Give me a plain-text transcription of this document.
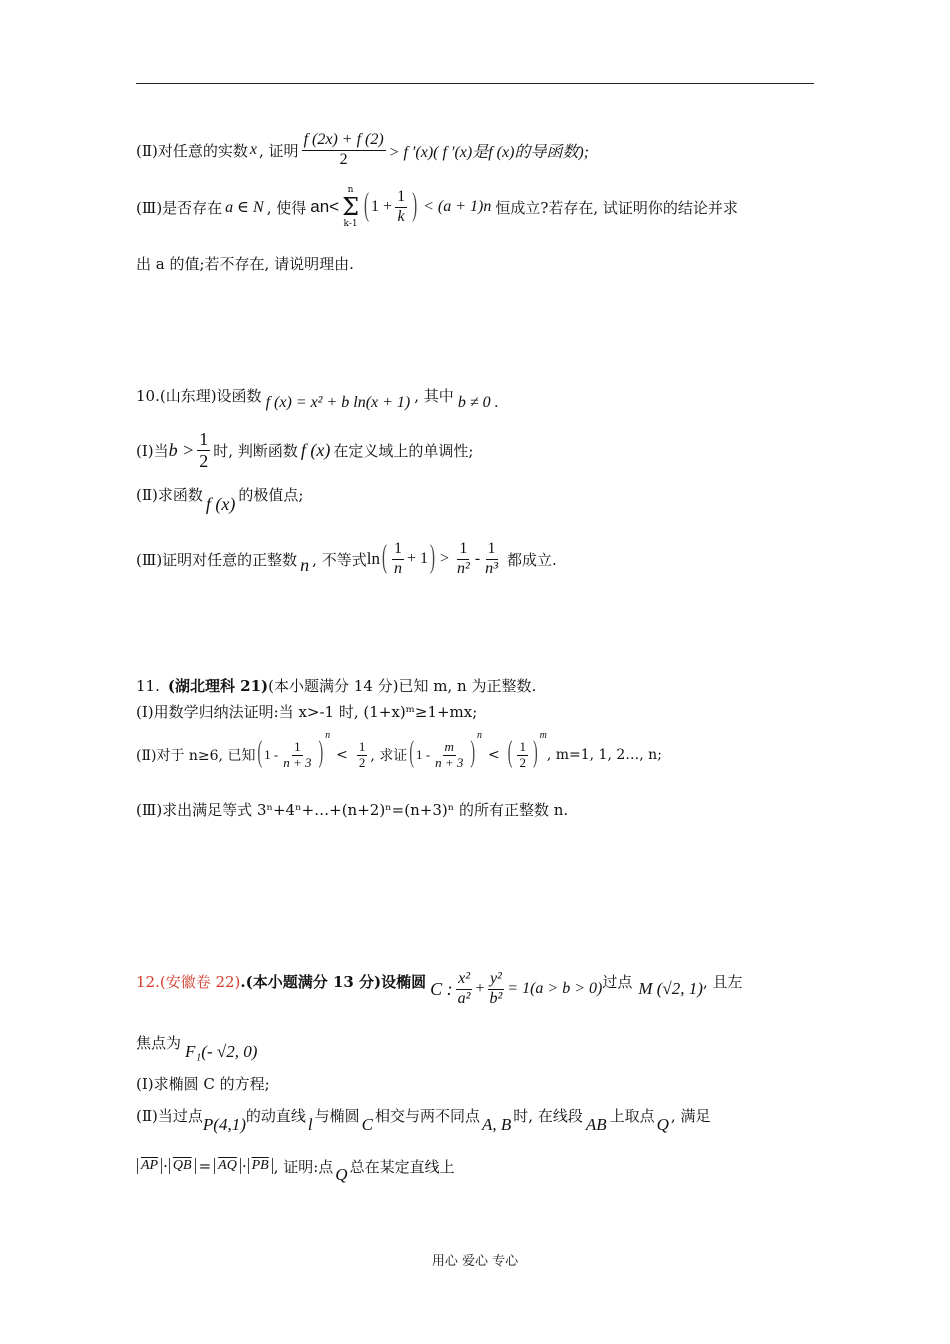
(Ⅱ)对任意的实数 x , 证明 $\frac{f (2x) + f (2)}{2} > f$ ′(x)( f ′(x)是f (x)的导函数);
(Ⅲ)是否存在 a ∈ N , 使得 an<
n
Σ
k-1
( $1 + \frac{1}{k}$ ) < (a + 1)n 恒成立?若存在, 试证明你的结论并求
出 a 的值;若不存在, 请说明理由.
10.(山东理)设函数 f (x) = x² + b ln(x + 1) , 其中 b ≠ 0 .
(Ⅰ)当 $b > \frac{1}{2}$ 时, 判断函数 f (x) 在定义域上的单调性;
(Ⅱ)求函数 f (x) 的极值点;
(Ⅲ)证明对任意的正整数 n , 不等式 ln ( $\frac{1}{n} + 1$ ) > $\frac{1}{\text{n²}} - \frac{1}{\text{n³}}$ 都成立.
11. (湖北理科 21) (本小题满分 14 分)已知 m, n 为正整数.
(Ⅰ)用数学归纳法证明:当 x>-1 时, (1+x)ᵐ≥1+mx;
(Ⅱ)对于 n≥6, 已知 ( $1 - \frac{1}{n + 3}$ )
n
< $\frac{1}{2}$ , 求证 ( $1 - \frac{m}{n + 3}$ )
n
< ( $\frac{1}{2}$ )
m
, m=1, 1, 2…, n;
(Ⅲ)求出满足等式 3ⁿ+4ⁿ+…+(n+2)ⁿ=(n+3)ⁿ 的所有正整数 n.
12.(安徽卷 22) .(本小题满分 13 分)设椭圆 C : $\frac{\text{x²}}{\text{a²}} + \frac{\text{y²}}{\text{b²}} = 1(a > b > 0)$ 过点 M (√2, 1) , 且左
焦点为 F₁(- √2, 0)
(Ⅰ)求椭圆 C 的方程;
(Ⅱ)当过点 P(4,1) 的动直线 l 与椭圆 C 相交与两不同点 A, B 时, 在线段 AB 上取点 Q , 满足
$\overline{AP} \cdot \overline{QB} = \overline{AQ} \cdot \overline{PB}$ , 证明:点 Q 总在某定直线上
用心 爱心 专心
